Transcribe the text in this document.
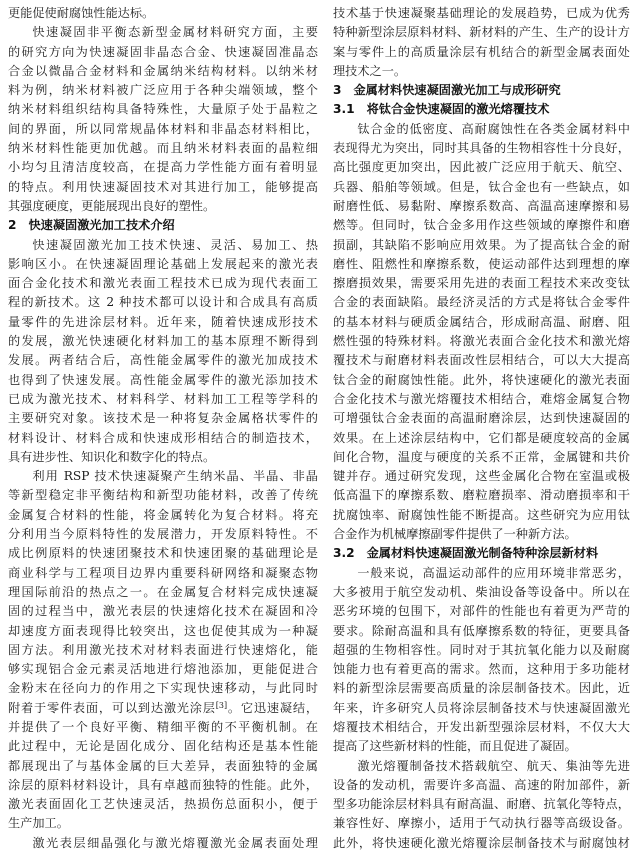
更能促使耐腐蚀性能达标。
快速凝固非平衡态新型金属材料研究方面，主要
的研究方向为快速凝固非晶态合金、快速凝固准晶态
合金以微晶合金材料和金属纳米结构材料。以纳米材
料为例，纳米材料被广泛应用于各种尖端领域，整个
纳米材料组织结构具备特殊性，大量原子处于晶粒之
间的界面，所以同常规晶体材料和非晶态材料相比，
纳米材料性能更加优越。而且纳米材料表面的晶粒细
小均匀且清洁度较高，在提高力学性能方面有着明显
的特点。利用快速凝固技术对其进行加工，能够提高
其强度硬度，更能展现出良好的塑性。
2 快速凝固激光加工技术介绍
快速凝固激光加工技术快速、灵活、易加工、热
影响区小。在快速凝固理论基础上发展起来的激光表
面合金化技术和激光表面工程技术已成为现代表面工
程的新技术。这 2 种技术都可以设计和合成具有高质
量零件的先进涂层材料。近年来，随着快速成形技术
的发展，激光快速硬化材料加工的基本原理不断得到
发展。两者结合后，高性能金属零件的激光加成技术
也得到了快速发展。高性能金属零件的激光添加技术
已成为激光技术、材料科学、材料加工工程等学科的
主要研究对象。该技术是一种将复杂金属格状零件的
材料设计、材料合成和快速成形相结合的制造技术，
具有进步性、知识化和数字化的特点。
利用 RSP 技术快速凝聚产生纳米晶、半晶、非晶
等新型稳定非平衡结构和新型功能材料，改善了传统
金属复合材料的性能，将金属转化为复合材料。将充
分利用当今原料特性的发展潜力，开发原料特性。不
成比例原料的快速团聚技术和快速团聚的基础理论是
商业科学与工程项目边界内重要科研网络和凝聚态物
理国际前沿的热点之一。在金属复合材料完成快速凝
固的过程当中，激光表层的快速熔化技术在凝固和冷
却速度方面表现得比较突出，这也促使其成为一种凝
固方法。利用激光技术对材料表面进行快速熔化，能
够实现铝合金元素灵活地进行熔池添加，更能促进合
金粉末在径向力的作用之下实现快速移动，与此同时
附着于零件表面，可以到达激光涂层[3]。它迅速凝结，
并提供了一个良好平衡、精细平衡的不平衡机制。在
此过程中，无论是固化成分、固化结构还是基本性能
都展现出了与基体金属的巨大差异，表面独特的金属
涂层的原料材料设计，具有卓越而独特的性能。此外，
激光表面固化工艺快速灵活，热损伤总面积小，便于
生产加工。
激光表层细晶强化与激光熔覆激光金属表面处理
技术基于快速凝聚基础理论的发展趋势，已成为优秀
特种新型涂层原料材料、新材料的产生、生产的设计方
案与零件上的高质量涂层有机结合的新型金属表面处
理技术之一。
3 金属材料快速凝固激光加工与成形研究
3.1 将钛合金快速凝固的激光熔覆技术
钛合金的低密度、高耐腐蚀性在各类金属材料中
表现得尤为突出，同时其具备的生物相容性十分良好，
高比强度更加突出，因此被广泛应用于航天、航空、
兵器、船舶等领域。但是，钛合金也有一些缺点，如
耐磨性低、易黏附、摩擦系数高、高温高速摩擦和易
燃等。但同时，钛合金多用作这些领域的摩擦件和磨
损副，其缺陷不影响应用效果。为了提高钛合金的耐
磨性、阻燃性和摩擦系数，使运动部件达到理想的摩
擦磨损效果，需要采用先进的表面工程技术来改变钛
合金的表面缺陷。最经济灵活的方式是将钛合金零件
的基本材料与硬质金属结合，形成耐高温、耐磨、阻
燃性强的特殊材料。将激光表面合金化技术和激光熔
覆技术与耐磨材料表面改性层相结合，可以大大提高
钛合金的耐腐蚀性能。此外，将快速硬化的激光表面
合金化技术与激光熔覆技术相结合，难熔金属复合物
可增强钛合金表面的高温耐磨涂层，达到快速凝固的
效果。在上述涂层结构中，它们都是硬度较高的金属
间化合物，温度与硬度的关系不正常，金属键和共价
键并存。通过研究发现，这些金属化合物在室温或极
低高温下的摩擦系数、磨粒磨损率、滑动磨损率和干
扰腐蚀率、耐腐蚀性能不断提高。这些研究为应用钛
合金作为机械摩擦副零件提供了一种新方法。
3.2 金属材料快速凝固激光制备特种涂层新材料
一般来说，高温运动部件的应用环境非常恶劣，
大多被用于航空发动机、柴油设备等设备中。所以在
恶劣环境的包围下，对部件的性能也有着更为严苛的
要求。除耐高温和具有低摩擦系数的特征，更要具备
超强的生物相容性。同时对于其抗氧化能力以及耐腐
蚀能力也有着更高的需求。然而，这种用于多功能材
料的新型涂层需要高质量的涂层制备技术。因此，近
年来，许多研究人员将涂层制备技术与快速凝固激光
熔覆技术相结合，开发出新型强涂层材料，不仅大大
提高了这些新材料的性能，而且促进了凝固。
激光熔覆制备技术搭载航空、航天、集油等先进
设备的发动机，需要许多高温、高速的附加部件，新
型多功能涂层材料具有耐高温、耐磨、抗氧化等特点，
兼容性好、摩擦小，适用于气动执行器等高级设备。
此外，将快速硬化激光熔覆涂层制备技术与耐腐蚀材
